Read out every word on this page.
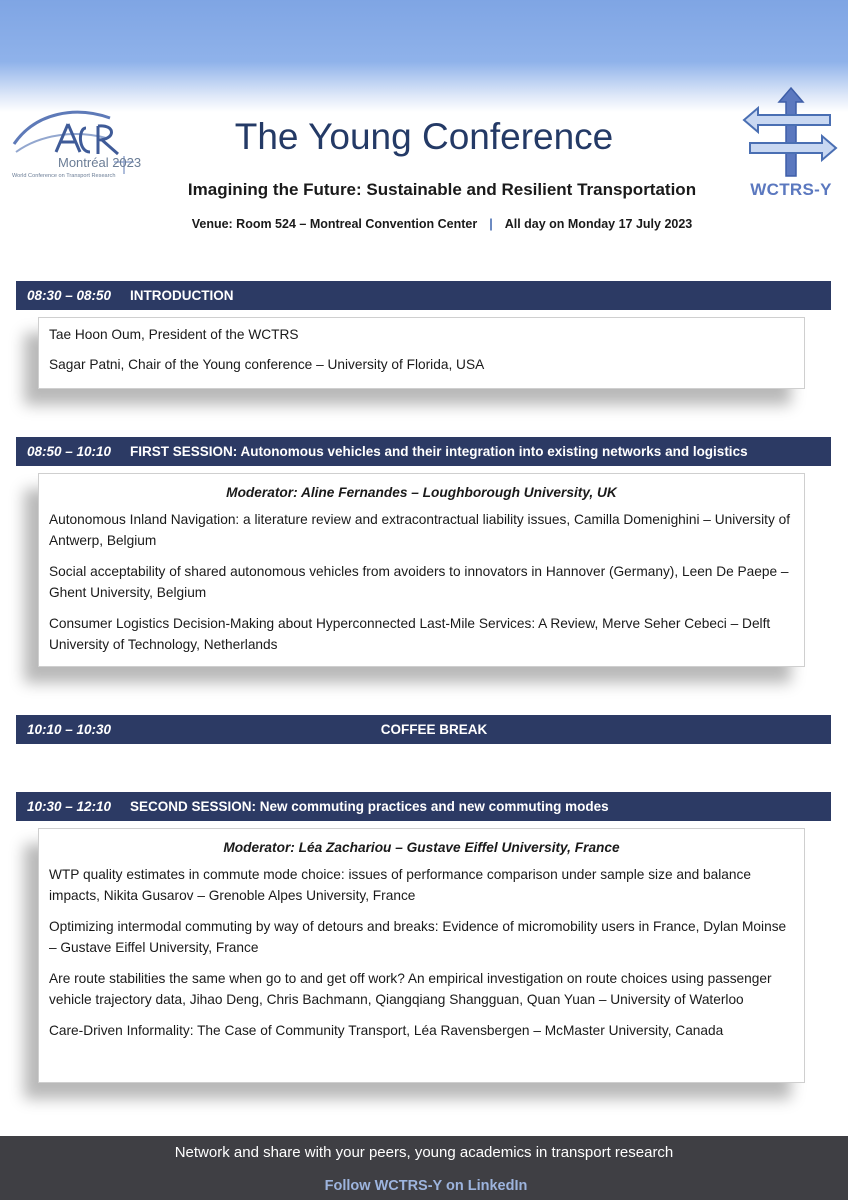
Montréal 2023
World Conference on Transport Research
WCTRS-Y
The Young Conference
Imagining the Future: Sustainable and Resilient Transportation
Venue: Room 524 – Montreal Convention Center | All day on Monday 17 July 2023
08:30 – 08:50	INTRODUCTION
Tae Hoon Oum, President of the WCTRS
Sagar Patni, Chair of the Young conference – University of Florida, USA
08:50 – 10:10	FIRST SESSION: Autonomous vehicles and their integration into existing networks and logistics
Moderator: Aline Fernandes – Loughborough University, UK
Autonomous Inland Navigation: a literature review and extracontractual liability issues, Camilla Domenighini – University of Antwerp, Belgium
Social acceptability of shared autonomous vehicles from avoiders to innovators in Hannover (Germany), Leen De Paepe – Ghent University, Belgium
Consumer Logistics Decision-Making about Hyperconnected Last-Mile Services: A Review, Merve Seher Cebeci – Delft University of Technology, Netherlands
10:10 – 10:30	COFFEE BREAK
10:30 – 12:10	SECOND SESSION: New commuting practices and new commuting modes
Moderator: Léa Zachariou – Gustave Eiffel University, France
WTP quality estimates in commute mode choice: issues of performance comparison under sample size and balance impacts, Nikita Gusarov – Grenoble Alpes University, France
Optimizing intermodal commuting by way of detours and breaks: Evidence of micromobility users in France, Dylan Moinse – Gustave Eiffel University, France
Are route stabilities the same when go to and get off work? An empirical investigation on route choices using passenger vehicle trajectory data, Jihao Deng, Chris Bachmann, Qiangqiang Shangguan, Quan Yuan – University of Waterloo
Care-Driven Informality: The Case of Community Transport, Léa Ravensbergen – McMaster University, Canada
Network and share with your peers, young academics in transport research
Follow WCTRS-Y on LinkedIn
